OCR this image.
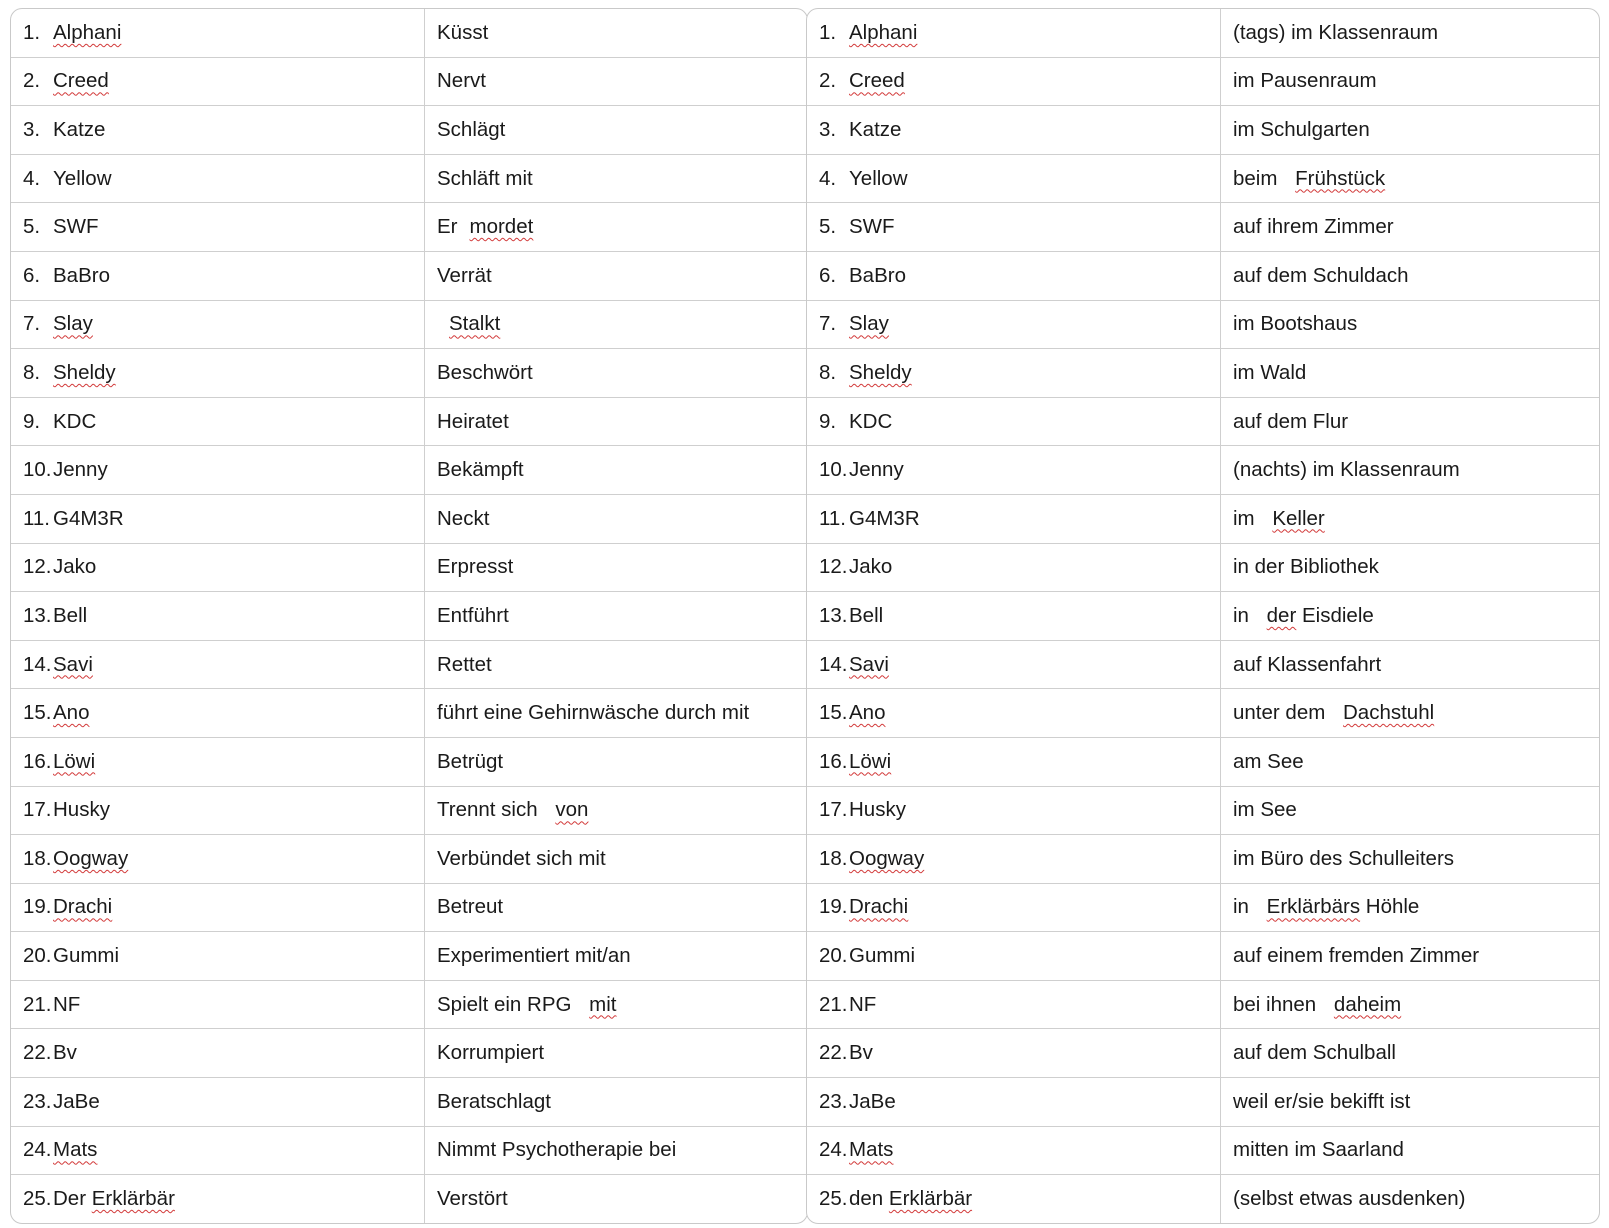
1. Alphani	Küsst
2. Creed	Nervt
3. Katze	Schlägt
4. Yellow	Schläft mit
5. SWF	Er mordet
6. BaBro	Verrät
7. Slay	Stalkt
8. Sheldy	Beschwört
9. KDC	Heiratet
10.Jenny	Bekämpft
11. G4M3R	Neckt
12.Jako	Erpresst
13.Bell	Entführt
14.Savi	Rettet
15.Ano	führt eine Gehirnwäsche durch mit
16.Löwi	Betrügt
17.Husky	Trennt sich von
18.Oogway	Verbündet sich mit
19.Drachi	Betreut
20.Gummi	Experimentiert mit/an
21.NF	Spielt ein RPG mit
22.Bv	Korrumpiert
23.JaBe	Beratschlagt
24.Mats	Nimmt Psychotherapie bei
25.Der Erklärbär	Verstört
1. Alphani	(tags) im Klassenraum
2. Creed	im Pausenraum
3. Katze	im Schulgarten
4. Yellow	beim Frühstück
5. SWF	auf ihrem Zimmer
6. BaBro	auf dem Schuldach
7. Slay	im Bootshaus
8. Sheldy	im Wald
9. KDC	auf dem Flur
10.Jenny	(nachts) im Klassenraum
11. G4M3R	im Keller
12.Jako	in der Bibliothek
13.Bell	in der Eisdiele
14.Savi	auf Klassenfahrt
15.Ano	unter dem Dachstuhl
16.Löwi	am See
17.Husky	im See
18.Oogway	im Büro des Schulleiters
19.Drachi	in Erklärbärs Höhle
20.Gummi	auf einem fremden Zimmer
21.NF	bei ihnen daheim
22.Bv	auf dem Schulball
23.JaBe	weil er/sie bekifft ist
24.Mats	mitten im Saarland
25.den Erklärbär	(selbst etwas ausdenken)
